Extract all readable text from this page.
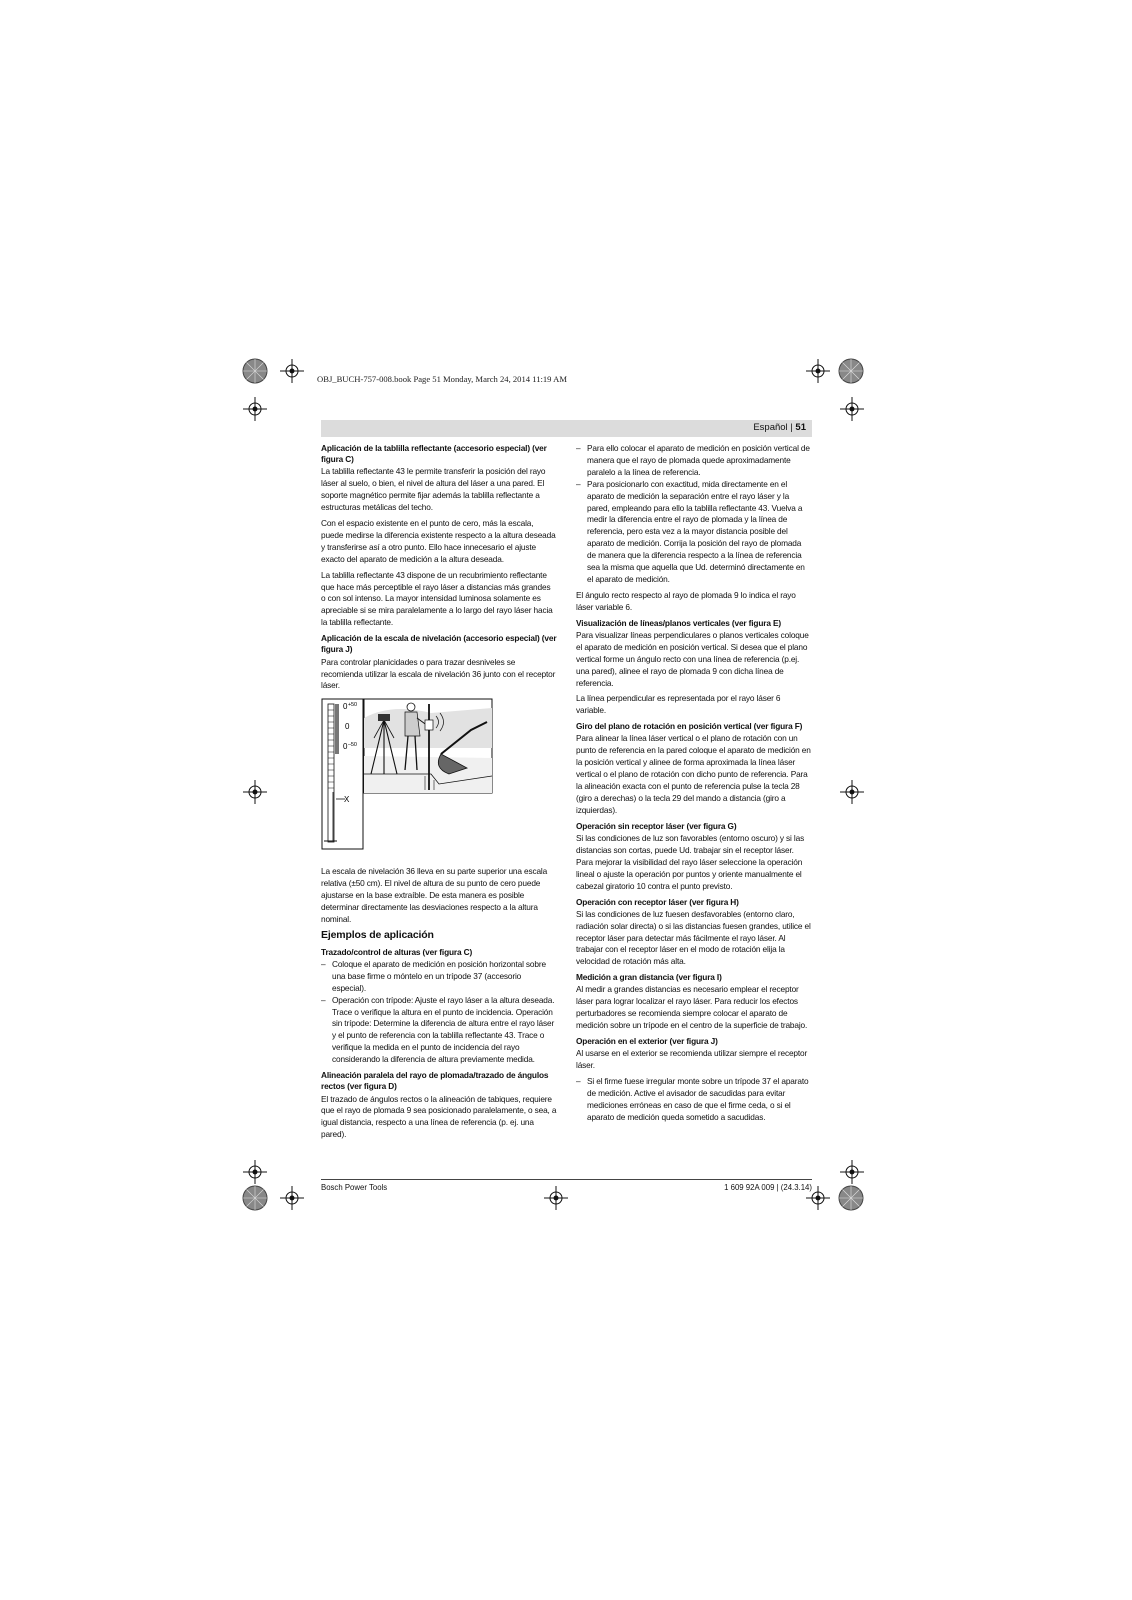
OBJ_BUCH-757-008.book Page 51 Monday, March 24, 2014 11:19 AM
Español | 51
Aplicación de la tablilla reflectante (accesorio especial) (ver figura C)

La tablilla reflectante 43 le permite transferir la posición del rayo láser al suelo, o bien, el nivel de altura del láser a una pared. El soporte magnético permite fijar además la tablilla reflectante a estructuras metálicas del techo.

Con el espacio existente en el punto de cero, más la escala, puede medirse la diferencia existente respecto a la altura deseada y transferirse así a otro punto. Ello hace innecesario el ajuste exacto del aparato de medición a la altura deseada.

La tablilla reflectante 43 dispone de un recubrimiento reflectante que hace más perceptible el rayo láser a distancias más grandes o con sol intenso. La mayor intensidad luminosa solamente es apreciable si se mira paralelamente a lo largo del rayo láser hacia la tablilla reflectante.

Aplicación de la escala de nivelación (accesorio especial) (ver figura J)

Para controlar planicidades o para trazar desniveles se recomienda utilizar la escala de nivelación 36 junto con el receptor láser.

0 +50
0
0 –50
X

La escala de nivelación 36 lleva en su parte superior una escala relativa (±50 cm). El nivel de altura de su punto de cero puede ajustarse en la base extraíble. De esta manera es posible determinar directamente las desviaciones respecto a la altura nominal.

Ejemplos de aplicación
Trazado/control de alturas (ver figura C)
– Coloque el aparato de medición en posición horizontal sobre una base firme o móntelo en un trípode 37 (accesorio especial).
– Operación con trípode: Ajuste el rayo láser a la altura deseada. Trace o verifique la altura en el punto de incidencia. Operación sin trípode: Determine la diferencia de altura entre el rayo láser y el punto de referencia con la tablilla reflectante 43. Trace o verifique la medida en el punto de incidencia del rayo considerando la diferencia de altura previamente medida.
Alineación paralela del rayo de plomada/trazado de ángulos rectos (ver figura D)

El trazado de ángulos rectos o la alineación de tabiques, requiere que el rayo de plomada 9 sea posicionado paralelamente, o sea, a igual distancia, respecto a una línea de referencia (p. ej. una pared).

– Para ello colocar el aparato de medición en posición vertical de manera que el rayo de plomada quede aproximadamente paralelo a la línea de referencia.
– Para posicionarlo con exactitud, mida directamente en el aparato de medición la separación entre el rayo láser y la pared, empleando para ello la tablilla reflectante 43. Vuelva a medir la diferencia entre el rayo de plomada y la línea de referencia, pero esta vez a la mayor distancia posible del aparato de medición. Corrija la posición del rayo de plomada de manera que la diferencia respecto a la línea de referencia sea la misma que aquella que Ud. determinó directamente en el aparato de medición.

El ángulo recto respecto al rayo de plomada 9 lo indica el rayo láser variable 6.

Visualización de líneas/planos verticales (ver figura E)

Para visualizar líneas perpendiculares o planos verticales coloque el aparato de medición en posición vertical. Si desea que el plano vertical forme un ángulo recto con una línea de referencia (p.ej. una pared), alinee el rayo de plomada 9 con dicha línea de referencia.

La línea perpendicular es representada por el rayo láser 6 variable.

Giro del plano de rotación en posición vertical (ver figura F)

Para alinear la línea láser vertical o el plano de rotación con un punto de referencia en la pared coloque el aparato de medición en la posición vertical y alinee de forma aproximada la línea láser vertical o el plano de rotación con dicho punto de referencia. Para la alineación exacta con el punto de referencia pulse la tecla 28 (giro a derechas) o la tecla 29 del mando a distancia (giro a izquierdas).

Operación sin receptor láser (ver figura G)

Si las condiciones de luz son favorables (entorno oscuro) y si las distancias son cortas, puede Ud. trabajar sin el receptor láser. Para mejorar la visibilidad del rayo láser seleccione la operación lineal o ajuste la operación por puntos y oriente manualmente el cabezal giratorio 10 contra el punto previsto.

Operación con receptor láser (ver figura H)

Si las condiciones de luz fuesen desfavorables (entorno claro, radiación solar directa) o si las distancias fuesen grandes, utilice el receptor láser para detectar más fácilmente el rayo láser. Al trabajar con el receptor láser en el modo de rotación elija la velocidad de rotación más alta.

Medición a gran distancia (ver figura I)

Al medir a grandes distancias es necesario emplear el receptor láser para lograr localizar el rayo láser. Para reducir los efectos perturbadores se recomienda siempre colocar el aparato de medición sobre un trípode en el centro de la superficie de trabajo.

Operación en el exterior (ver figura J)

Al usarse en el exterior se recomienda utilizar siempre el receptor láser.

– Si el firme fuese irregular monte sobre un trípode 37 el aparato de medición. Active el avisador de sacudidas para evitar mediciones erróneas en caso de que el firme ceda, o si el aparato de medición queda sometido a sacudidas.
Bosch Power Tools	1 609 92A 009 | (24.3.14)
